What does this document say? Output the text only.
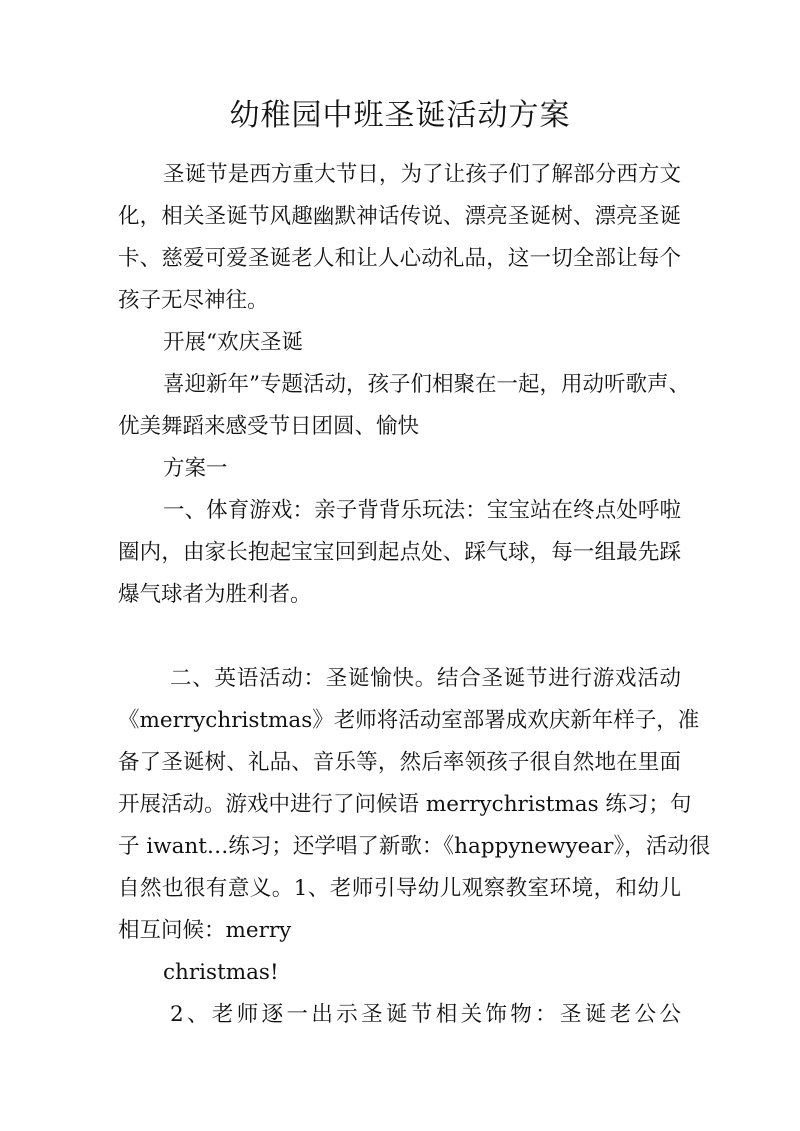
幼稚园中班圣诞活动方案
圣诞节是西方重大节日，为了让孩子们了解部分西方文
化，相关圣诞节风趣幽默神话传说、漂亮圣诞树、漂亮圣诞
卡、慈爱可爱圣诞老人和让人心动礼品，这一切全部让每个
孩子无尽神往。
开展“欢庆圣诞
喜迎新年”专题活动，孩子们相聚在一起，用动听歌声、
优美舞蹈来感受节日团圆、愉快
方案一
一、体育游戏：亲子背背乐玩法：宝宝站在终点处呼啦
圈内，由家长抱起宝宝回到起点处、踩气球，每一组最先踩
爆气球者为胜利者。
二、英语活动：圣诞愉快。结合圣诞节进行游戏活动
《merrychristmas》老师将活动室部署成欢庆新年样子，准
备了圣诞树、礼品、音乐等，然后率领孩子很自然地在里面
开展活动。游戏中进行了问候语 merrychristmas 练习；句
子 iwant…练习；还学唱了新歌：《happynewyear》，活动很
自然也很有意义。1、老师引导幼儿观察教室环境，和幼儿
相互问候：merry
christmas!
2、老师逐一出示圣诞节相关饰物：圣诞老公公
